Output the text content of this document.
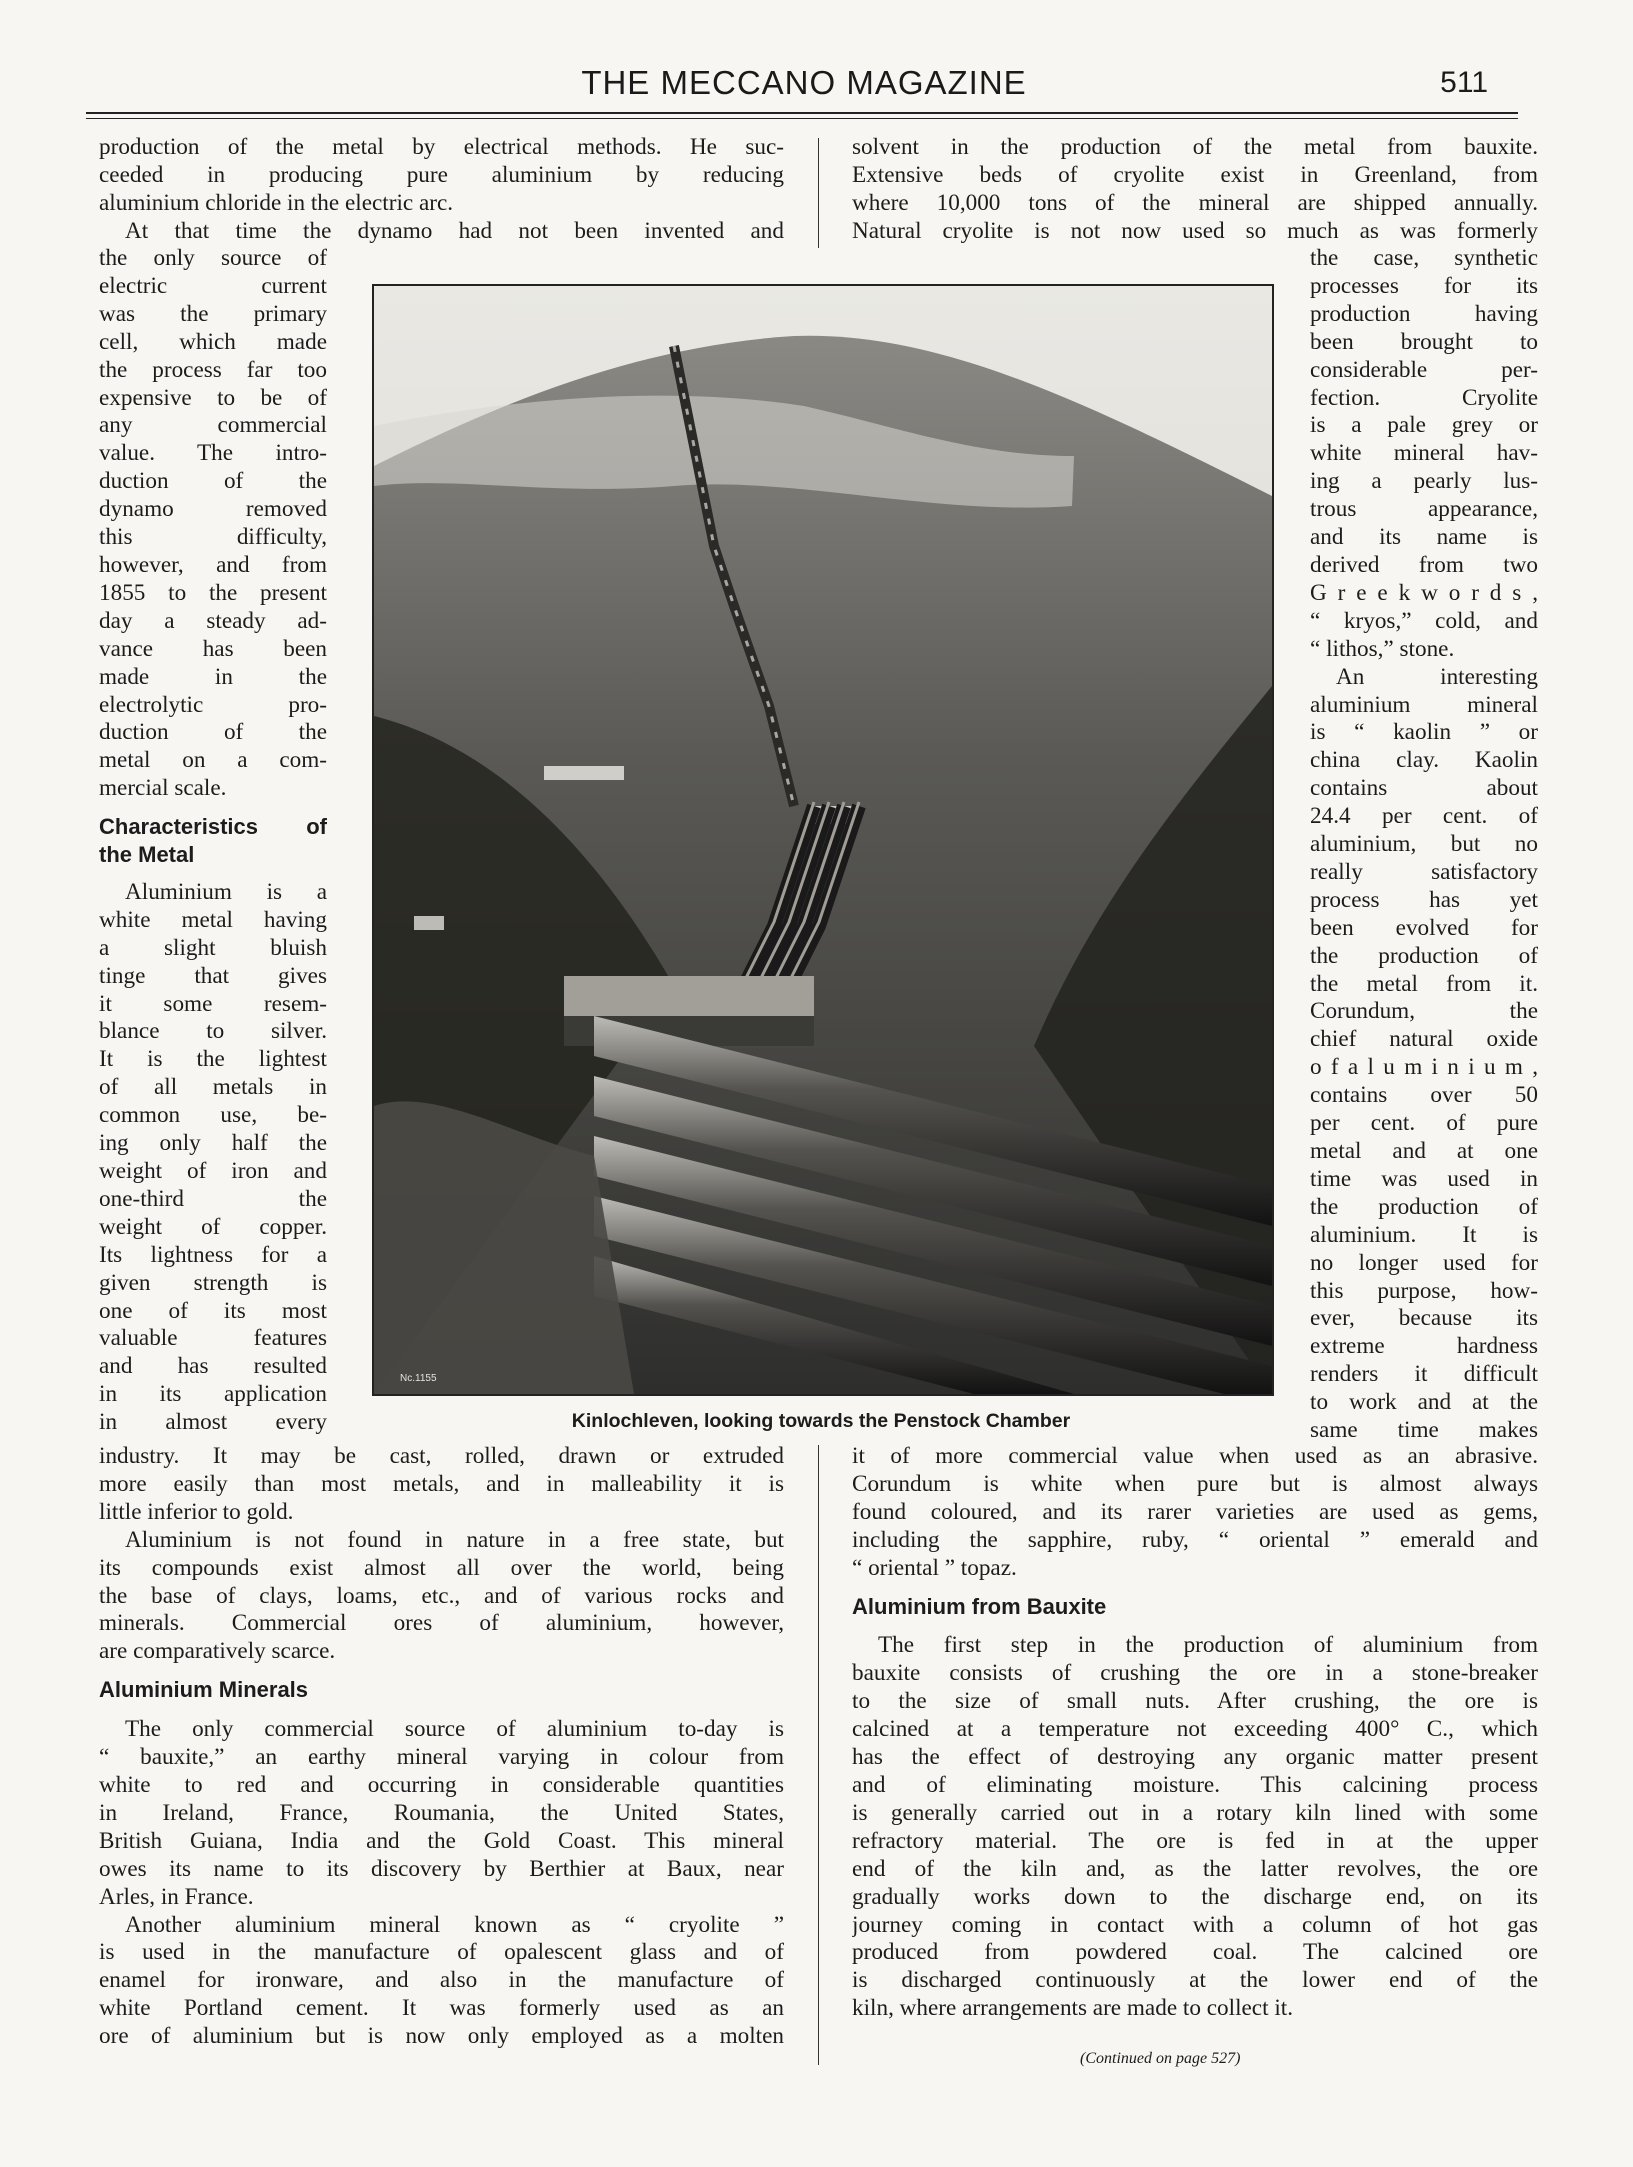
THE MECCANO MAGAZINE	511
production of the metal by electrical methods. He suc-
ceeded in producing pure aluminium by reducing
aluminium chloride in the electric arc.
At that time the dynamo had not been invented and
the only source of
electric current
was the primary
cell, which made
the process far too
expensive to be of
any commercial
value. The intro-
duction of the
dynamo removed
this difficulty,
however, and from
1855 to the present
day a steady ad-
vance has been
made in the
electrolytic pro-
duction of the
metal on a com-
mercial scale.
Characteristics of
the Metal
Aluminium is a
white metal having
a slight bluish
tinge that gives
it some resem-
blance to silver.
It is the lightest
of all metals in
common use, be-
ing only half the
weight of iron and
one-third the
weight of copper.
Its lightness for a
given strength is
one of its most
valuable features
and has resulted
in its application
in almost every
industry. It may be cast, rolled, drawn or extruded
more easily than most metals, and in malleability it is
little inferior to gold.
Aluminium is not found in nature in a free state, but
its compounds exist almost all over the world, being
the base of clays, loams, etc., and of various rocks and
minerals. Commercial ores of aluminium, however,
are comparatively scarce.
Aluminium Minerals
The only commercial source of aluminium to-day is
“ bauxite,” an earthy mineral varying in colour from
white to red and occurring in considerable quantities
in Ireland, France, Roumania, the United States,
British Guiana, India and the Gold Coast. This mineral
owes its name to its discovery by Berthier at Baux, near
Arles, in France.
Another aluminium mineral known as “ cryolite ”
is used in the manufacture of opalescent glass and of
enamel for ironware, and also in the manufacture of
white Portland cement. It was formerly used as an
ore of aluminium but is now only employed as a molten
solvent in the production of the metal from bauxite.
Extensive beds of cryolite exist in Greenland, from
where 10,000 tons of the mineral are shipped annually.
Natural cryolite is not now used so much as was formerly
the case, synthetic
processes for its
production having
been brought to
considerable per-
fection. Cryolite
is a pale grey or
white mineral hav-
ing a pearly lus-
trous appearance,
and its name is
derived from two
G r e e k w o r d s ,
“ kryos,” cold, and
“ lithos,” stone.
An interesting
aluminium mineral
is “ kaolin ” or
china clay. Kaolin
contains about
24.4 per cent. of
aluminium, but no
really satisfactory
process has yet
been evolved for
the production of
the metal from it.
Corundum, the
chief natural oxide
o f a l u m i n i u m ,
contains over 50
per cent. of pure
metal and at one
time was used in
the production of
aluminium. It is
no longer used for
this purpose, how-
ever, because its
extreme hardness
renders it difficult
to work and at the
same time makes
it of more commercial value when used as an abrasive.
Corundum is white when pure but is almost always
found coloured, and its rarer varieties are used as gems,
including the sapphire, ruby, “ oriental ” emerald and
“ oriental ” topaz.
Aluminium from Bauxite
The first step in the production of aluminium from
bauxite consists of crushing the ore in a stone-breaker
to the size of small nuts. After crushing, the ore is
calcined at a temperature not exceeding 400° C., which
has the effect of destroying any organic matter present
and of eliminating moisture. This calcining process
is generally carried out in a rotary kiln lined with some
refractory material. The ore is fed in at the upper
end of the kiln and, as the latter revolves, the ore
gradually works down to the discharge end, on its
journey coming in contact with a column of hot gas
produced from powdered coal. The calcined ore
is discharged continuously at the lower end of the
kiln, where arrangements are made to collect it.
Nc.1155
Kinlochleven, looking towards the Penstock Chamber
(Continued on page 527)
